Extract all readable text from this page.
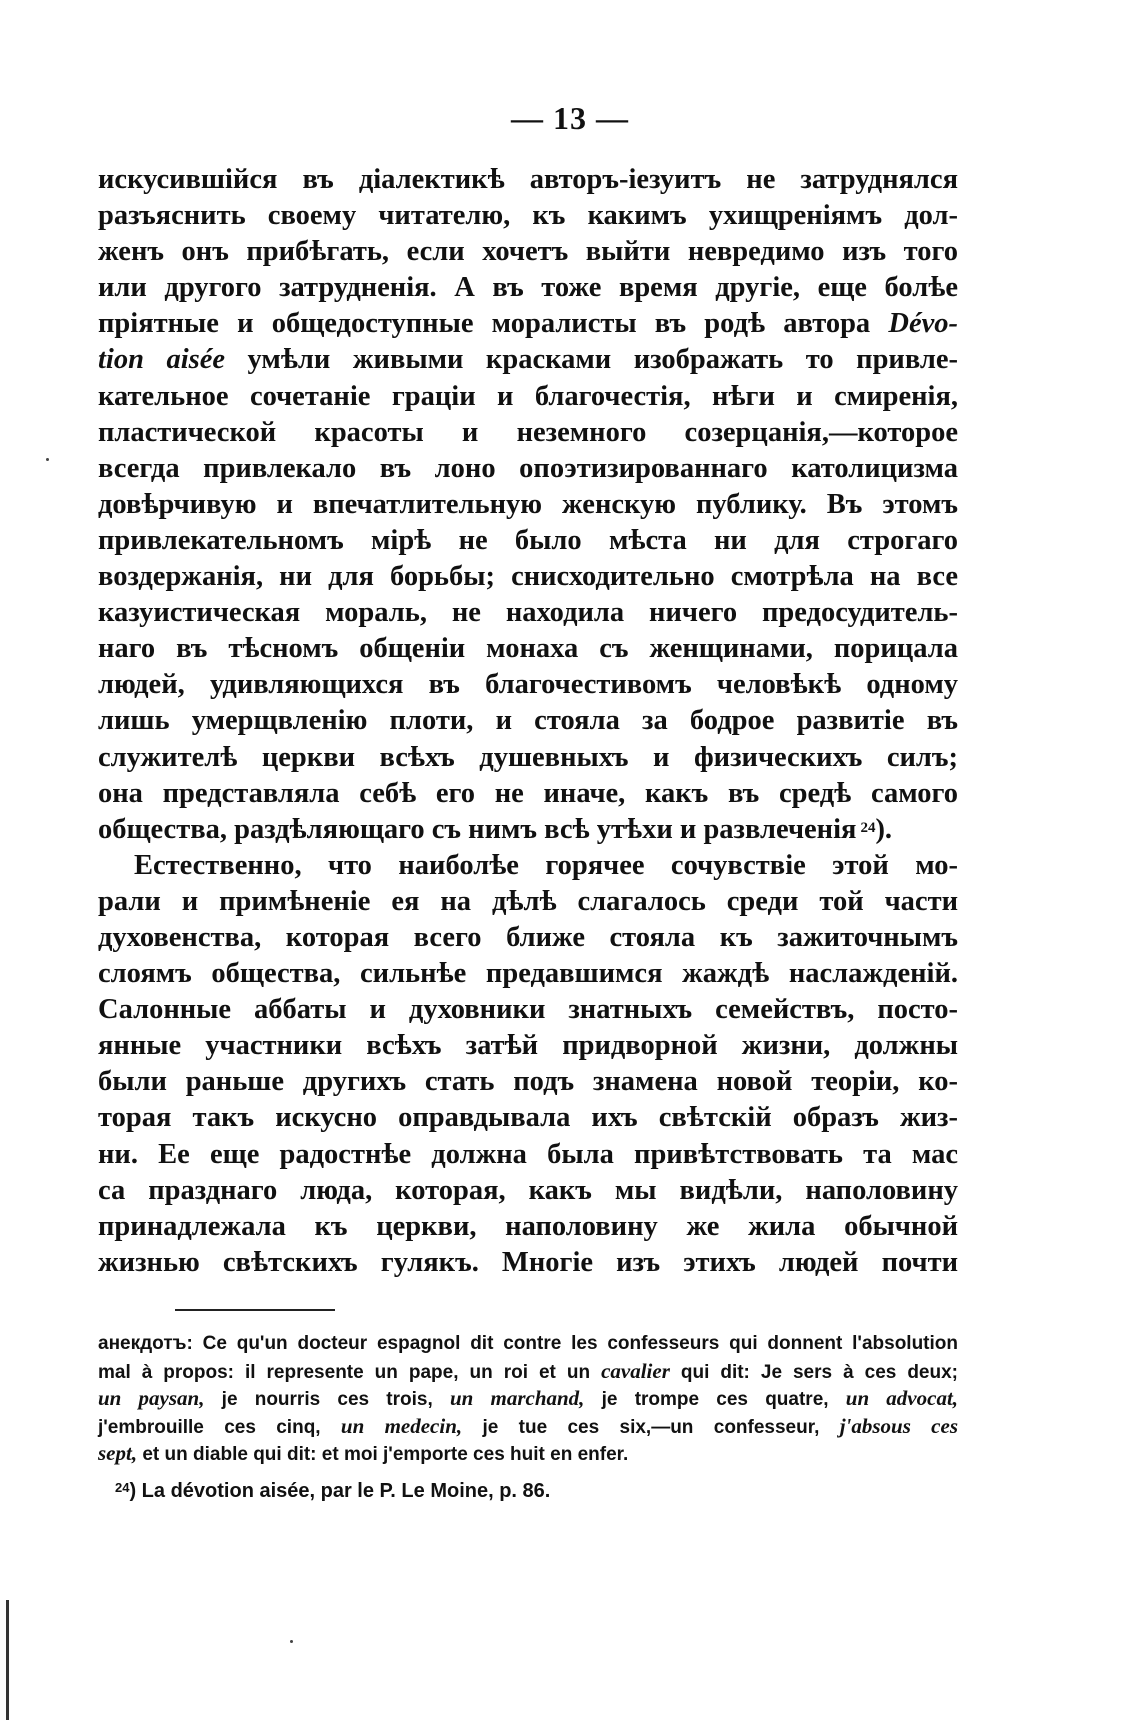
— 13 —
искусившійся въ діалектикѣ авторъ-іезуитъ не затруднялся
разъяснить своему читателю, къ какимъ ухищреніямъ дол-
женъ онъ прибѣгать, если хочетъ выйти невредимо изъ того
или другого затрудненія. А въ тоже время другіе, еще болѣе
пріятные и общедоступные моралисты въ родѣ автора Dévo-
tion aisée умѣли живыми красками изображать то привле-
кательное сочетаніе граціи и благочестія, нѣги и смиренія,
пластической красоты и неземного созерцанія,—которое
всегда привлекало въ лоно опоэтизированнаго католицизма
довѣрчивую и впечатлительную женскую публику. Въ этомъ
привлекательномъ мірѣ не было мѣста ни для строгаго
воздержанія, ни для борьбы; снисходительно смотрѣла на все
казуистическая мораль, не находила ничего предосудитель-
наго въ тѣсномъ общеніи монаха съ женщинами, порицала
людей, удивляющихся въ благочестивомъ человѣкѣ одному
лишь умерщвленію плоти, и стояла за бодрое развитіе въ
служителѣ церкви всѣхъ душевныхъ и физическихъ силъ;
она представляла себѣ его не иначе, какъ въ средѣ самого
общества, раздѣляющаго съ нимъ всѣ утѣхи и развлеченія $^{24}$).
Естественно, что наиболѣе горячее сочувствіе этой мо-
рали и примѣненіе ея на дѣлѣ слагалось среди той части
духовенства, которая всего ближе стояла къ зажиточнымъ
слоямъ общества, сильнѣе предавшимся жаждѣ наслажденій.
Салонные аббаты и духовники знатныхъ семействъ, посто-
янные участники всѣхъ затѣй придворной жизни, должны
были раньше другихъ стать подъ знамена новой теоріи, ко-
торая такъ искусно оправдывала ихъ свѣтскій образъ жиз-
ни. Ее еще радостнѣе должна была привѣтствовать та мас
са празднаго люда, которая, какъ мы видѣли, наполовину
принадлежала къ церкви, наполовину же жила обычной
жизнью свѣтскихъ гулякъ. Многіе изъ этихъ людей почти
анекдотъ: Ce qu'un docteur espagnol dit contre les confesseurs qui donnent l'absolution
mal à propos: il represente un pape, un roi et un cavalier qui dit: Je sers à ces deux;
un paysan, je nourris ces trois, un marchand, je trompe ces quatre, un advocat,
j'embrouille ces cinq, un medecin, je tue ces six,—un confesseur, j'absous ces
sept, et un diable qui dit: et moi j'emporte ces huit en enfer.
$^{24}$) La dévotion aisée, par le P. Le Moine, p. 86.
